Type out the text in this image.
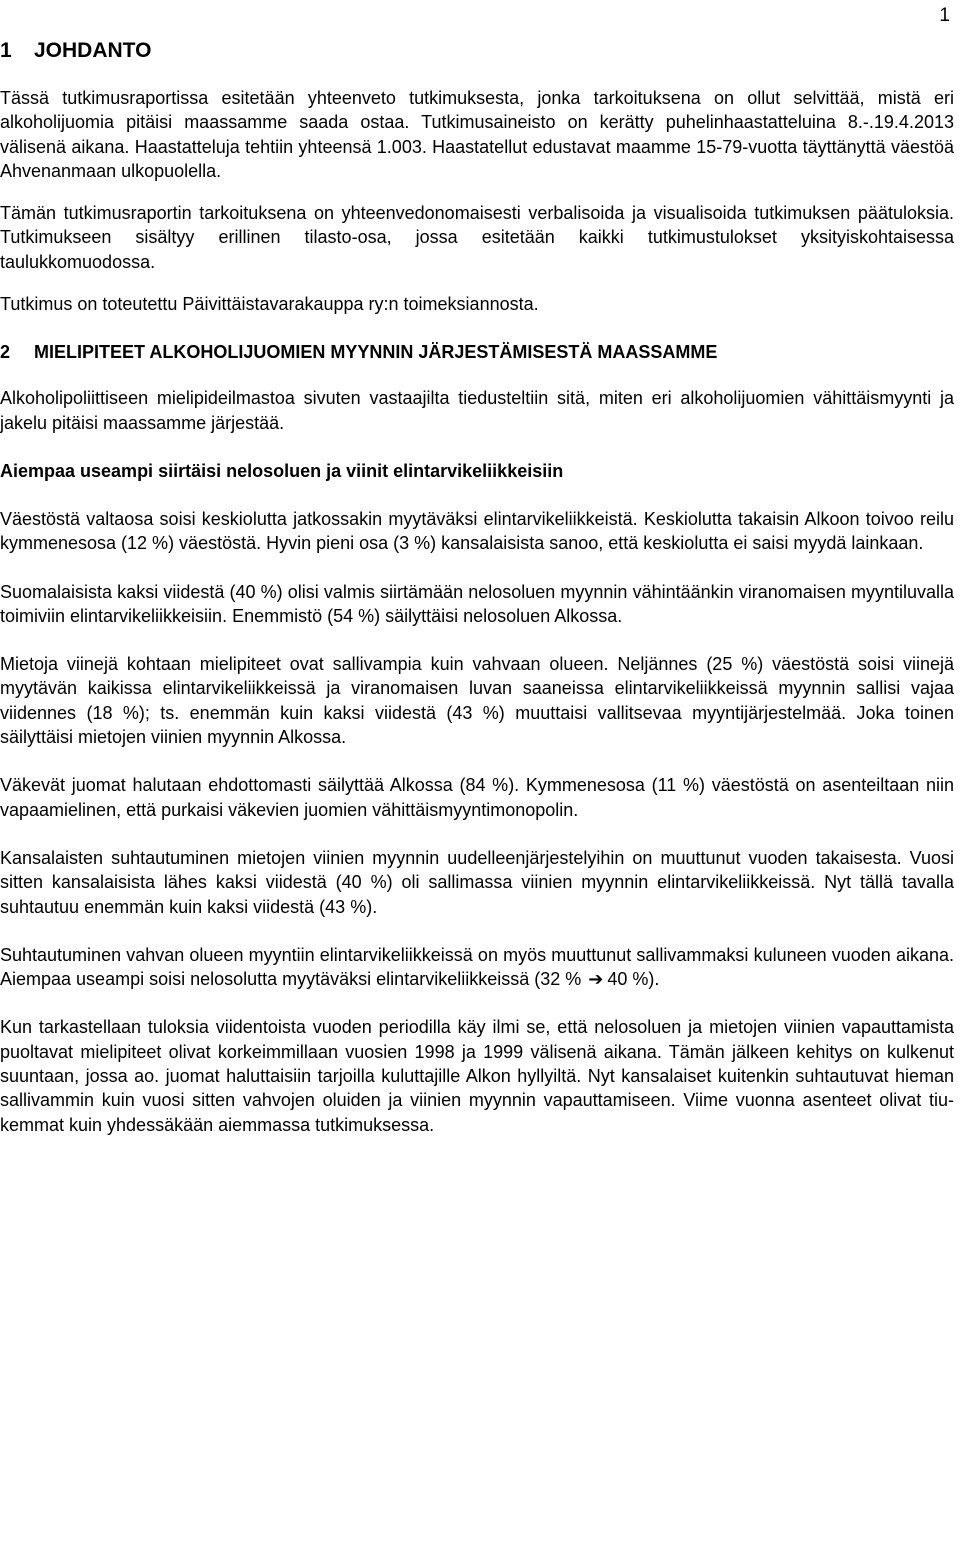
1
1 JOHDANTO

Tässä tutkimusraportissa esitetään yhteenveto tutkimuksesta, jonka tarkoituksena on ollut selvittää, mistä eri alkoholijuomia pitäisi maassamme saada ostaa. Tutkimusaineisto on kerätty puhelinhaastatteluina 8.-.19.4.2013 välisenä aikana. Haastatteluja tehtiin yhteensä 1.003. Haastatellut edustavat maamme 15-79-vuotta täyttänyttä väestöä Ahvenanmaan ulkopuolella.

Tämän tutkimusraportin tarkoituksena on yhteenvedonomaisesti verbalisoida ja visualisoida tutkimuksen päätuloksia. Tutkimukseen sisältyy erillinen tilasto-osa, jossa esitetään kaikki tutkimustulokset yksityiskohtaisessa taulukkomuodossa.

Tutkimus on toteutettu Päivittäistavarakauppa ry:n toimeksiannosta.

2 MIELIPITEET ALKOHOLIJUOMIEN MYYNNIN JÄRJESTÄMISESTÄ MAASSAMME

Alkoholipoliittiseen mielipideilmastoa sivuten vastaajilta tiedusteltiin sitä, miten eri alkoholijuomien vähittäismyynti ja jakelu pitäisi maassamme järjestää.

Aiempaa useampi siirtäisi nelosoluen ja viinit elintarvikeliikkeisiin

Väestöstä valtaosa soisi keskiolutta jatkossakin myytäväksi elintarvikeliikkeistä. Keskiolutta takaisin Alkoon toivoo reilu kymmenesosa (12 %) väestöstä. Hyvin pieni osa (3 %) kansalaisista sanoo, että keskiolutta ei saisi myydä lainkaan.

Suomalaisista kaksi viidestä (40 %) olisi valmis siirtämään nelosoluen myynnin vähintäänkin viranomaisen myyntiluvalla toimiviin elintarvikeliikkeisiin. Enemmistö (54 %) säilyttäisi nelosoluen Alkossa.

Mietoja viinejä kohtaan mielipiteet ovat sallivampia kuin vahvaan olueen. Neljännes (25 %) väestöstä soisi viinejä myytävän kaikissa elintarvikeliikkeissä ja viranomaisen luvan saaneissa elintarvikeliikkeissä myynnin sallisi vajaa viidennes (18 %); ts. enemmän kuin kaksi viidestä (43 %) muuttaisi vallitsevaa myyntijärjestelmää. Joka toinen säilyttäisi mietojen viinien myynnin Alkossa.

Väkevät juomat halutaan ehdottomasti säilyttää Alkossa (84 %). Kymmenesosa (11 %) väestöstä on asenteiltaan niin vapaamielinen, että purkaisi väkevien juomien vähittäismyyntimonopolin.

Kansalaisten suhtautuminen mietojen viinien myynnin uudelleenjärjestelyihin on muuttunut vuoden takaisesta. Vuosi sitten kansalaisista lähes kaksi viidestä (40 %) oli sallimassa viinien myynnin elintarvikeliikkeissä. Nyt tällä tavalla suhtautuu enemmän kuin kaksi viidestä (43 %).

Suhtautuminen vahvan olueen myyntiin elintarvikeliikkeissä on myös muuttunut sallivammaksi kuluneen vuoden aikana. Aiempaa useampi soisi nelosolutta myytäväksi elintarvikeliikkeissä (32 % ➔ 40 %).

Kun tarkastellaan tuloksia viidentoista vuoden periodilla käy ilmi se, että nelosoluen ja mietojen viinien vapauttamista puoltavat mielipiteet olivat korkeimmillaan vuosien 1998 ja 1999 välisenä aikana. Tämän jälkeen kehitys on kulkenut suuntaan, jossa ao. juomat haluttaisiin tarjoilla kuluttajille Alkon hyllyiltä. Nyt kansalaiset kuitenkin suhtautuvat hieman sallivammin kuin vuosi sitten vahvojen oluiden ja viinien myynnin vapauttamiseen. Viime vuonna asenteet olivat tiukemmat kuin yhdessäkään aiemmassa tutkimuksessa.
